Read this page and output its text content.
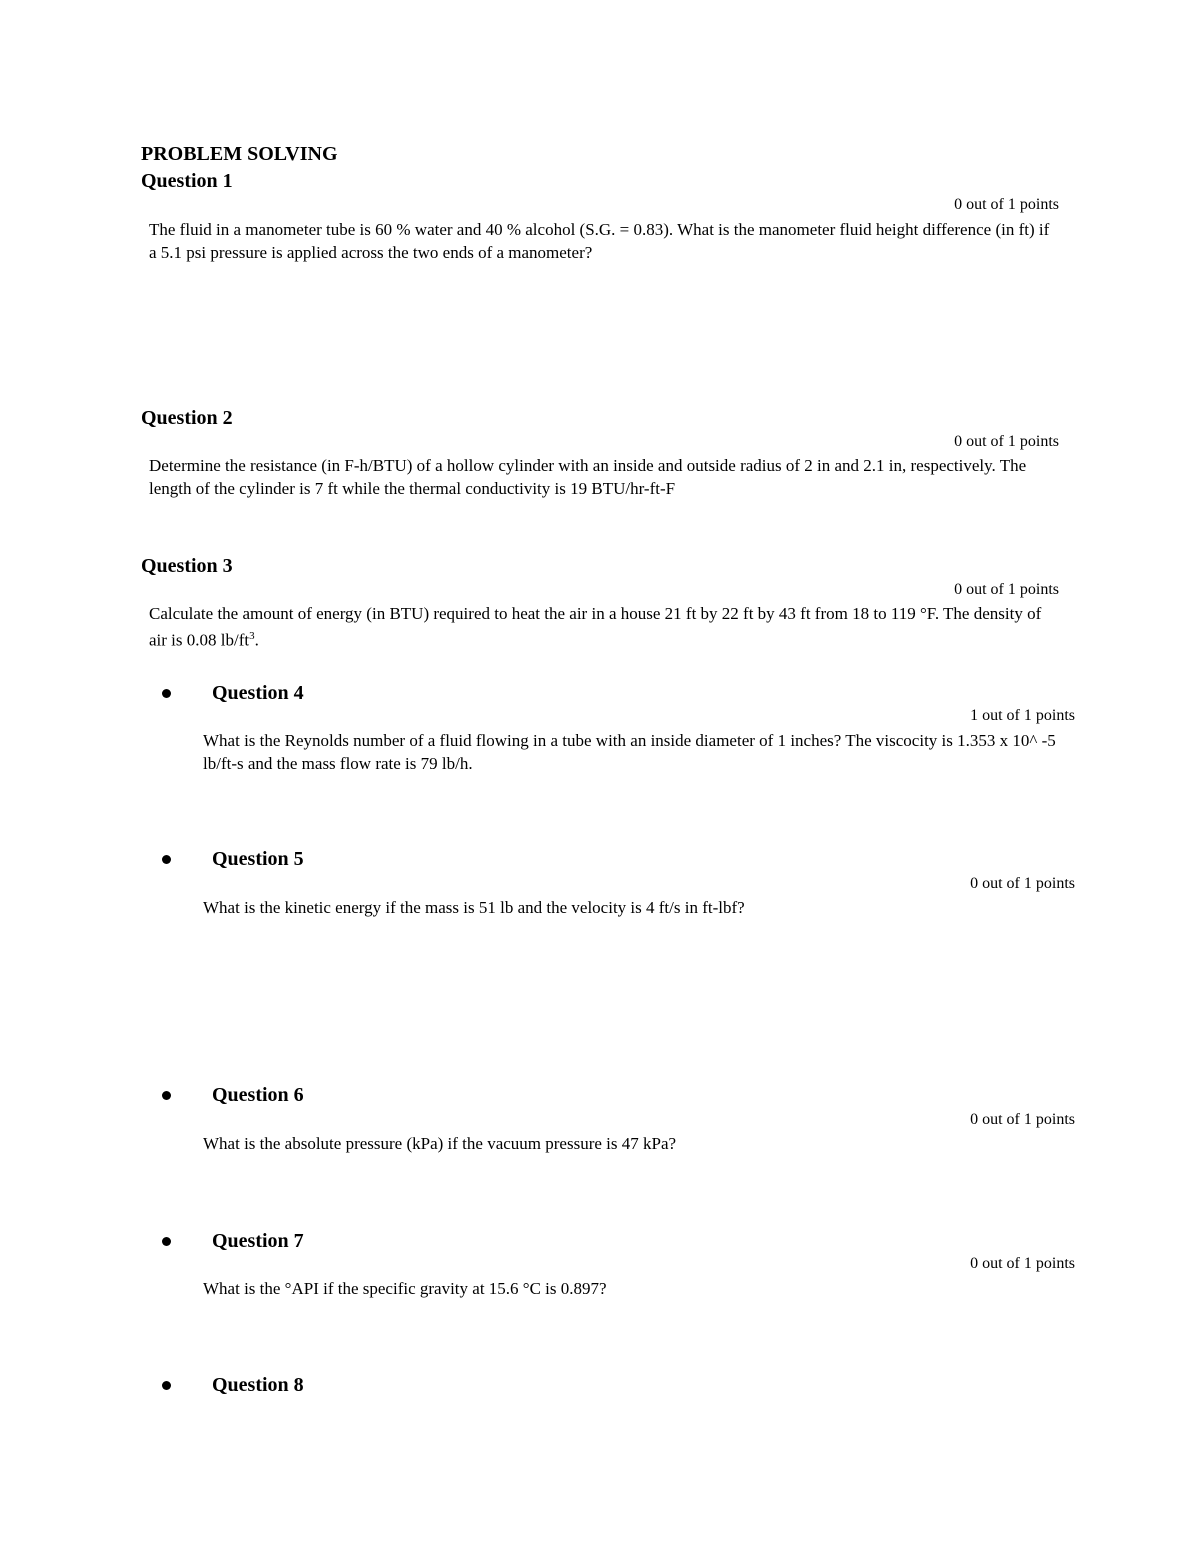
PROBLEM SOLVING
Question 1
0 out of 1 points
The fluid in a manometer tube is 60 % water and 40 % alcohol (S.G. = 0.83). What is the manometer fluid height difference (in ft) if a 5.1 psi pressure is applied across the two ends of a manometer?
Question 2
0 out of 1 points
Determine the resistance (in F-h/BTU) of a hollow cylinder with an inside and outside radius of 2 in and 2.1 in, respectively. The length of the cylinder is 7 ft while the thermal conductivity is 19 BTU/hr-ft-F
Question 3
0 out of 1 points
Calculate the amount of energy (in BTU) required to heat the air in a house 21 ft by 22 ft by 43 ft from 18 to 119 °F. The density of air is 0.08 $lb/ft^3$.
Question 4
1 out of 1 points
What is the Reynolds number of a fluid flowing in a tube with an inside diameter of 1 inches? The viscocity is 1.353 x 10^ -5 lb/ft-s and the mass flow rate is 79 lb/h.
Question 5
0 out of 1 points
What is the kinetic energy if the mass is 51 lb and the velocity is 4 ft/s in ft-lbf?
Question 6
0 out of 1 points
What is the absolute pressure (kPa) if the vacuum pressure is 47 kPa?
Question 7
0 out of 1 points
What is the °API if the specific gravity at 15.6 °C is 0.897?
Question 8
